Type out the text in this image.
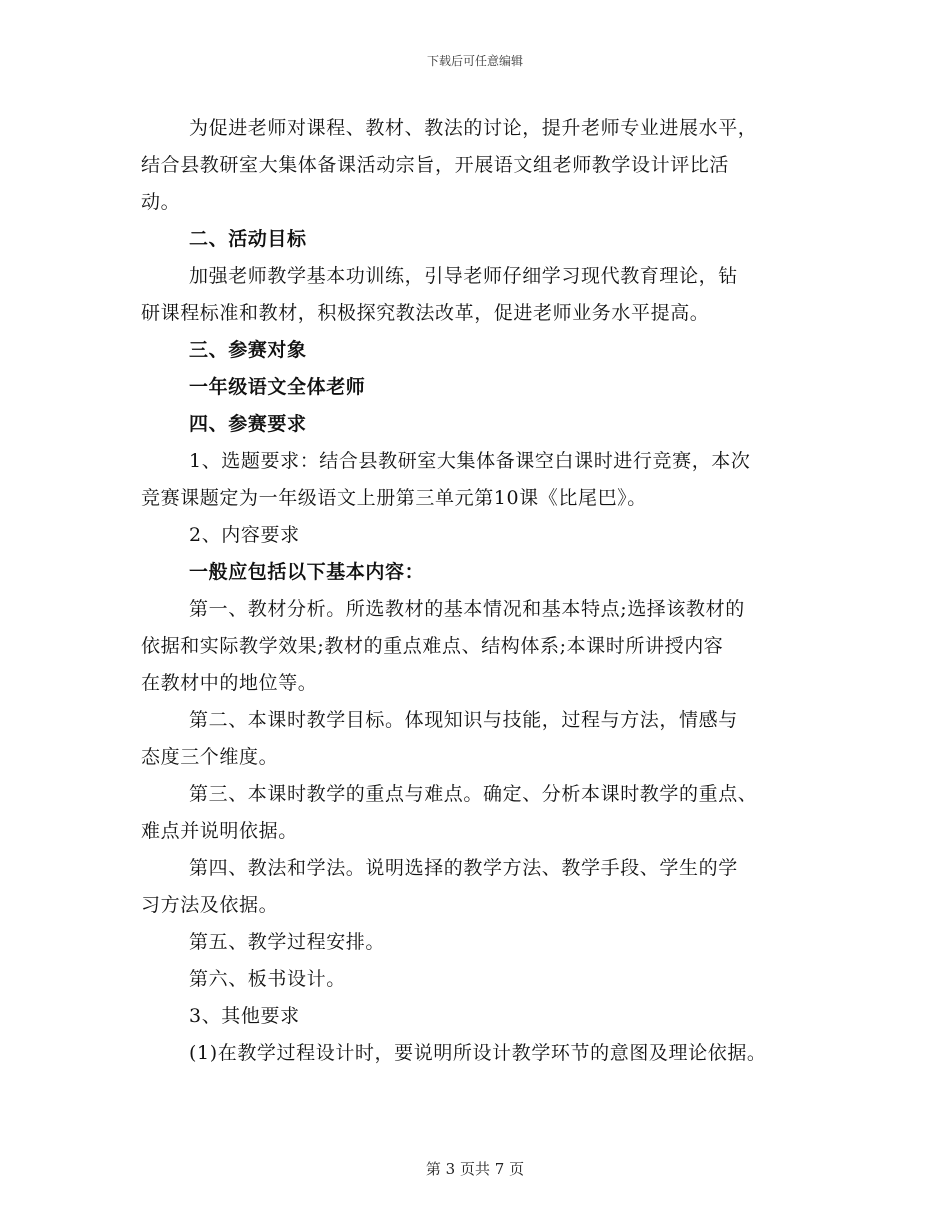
下载后可任意编辑
为促进老师对课程、教材、教法的讨论，提升老师专业进展水平，
结合县教研室大集体备课活动宗旨，开展语文组老师教学设计评比活
动。
二、活动目标
加强老师教学基本功训练，引导老师仔细学习现代教育理论，钻
研课程标准和教材，积极探究教法改革，促进老师业务水平提高。
三、参赛对象
一年级语文全体老师
四、参赛要求
1、选题要求：结合县教研室大集体备课空白课时进行竞赛，本次
竞赛课题定为一年级语文上册第三单元第10课《比尾巴》。
2、内容要求
一般应包括以下基本内容：
第一、教材分析。所选教材的基本情况和基本特点;选择该教材的
依据和实际教学效果;教材的重点难点、结构体系;本课时所讲授内容
在教材中的地位等。
第二、本课时教学目标。体现知识与技能，过程与方法，情感与
态度三个维度。
第三、本课时教学的重点与难点。确定、分析本课时教学的重点、
难点并说明依据。
第四、教法和学法。说明选择的教学方法、教学手段、学生的学
习方法及依据。
第五、教学过程安排。
第六、板书设计。
3、其他要求
(1)在教学过程设计时，要说明所设计教学环节的意图及理论依据。
第 3 页共 7 页
